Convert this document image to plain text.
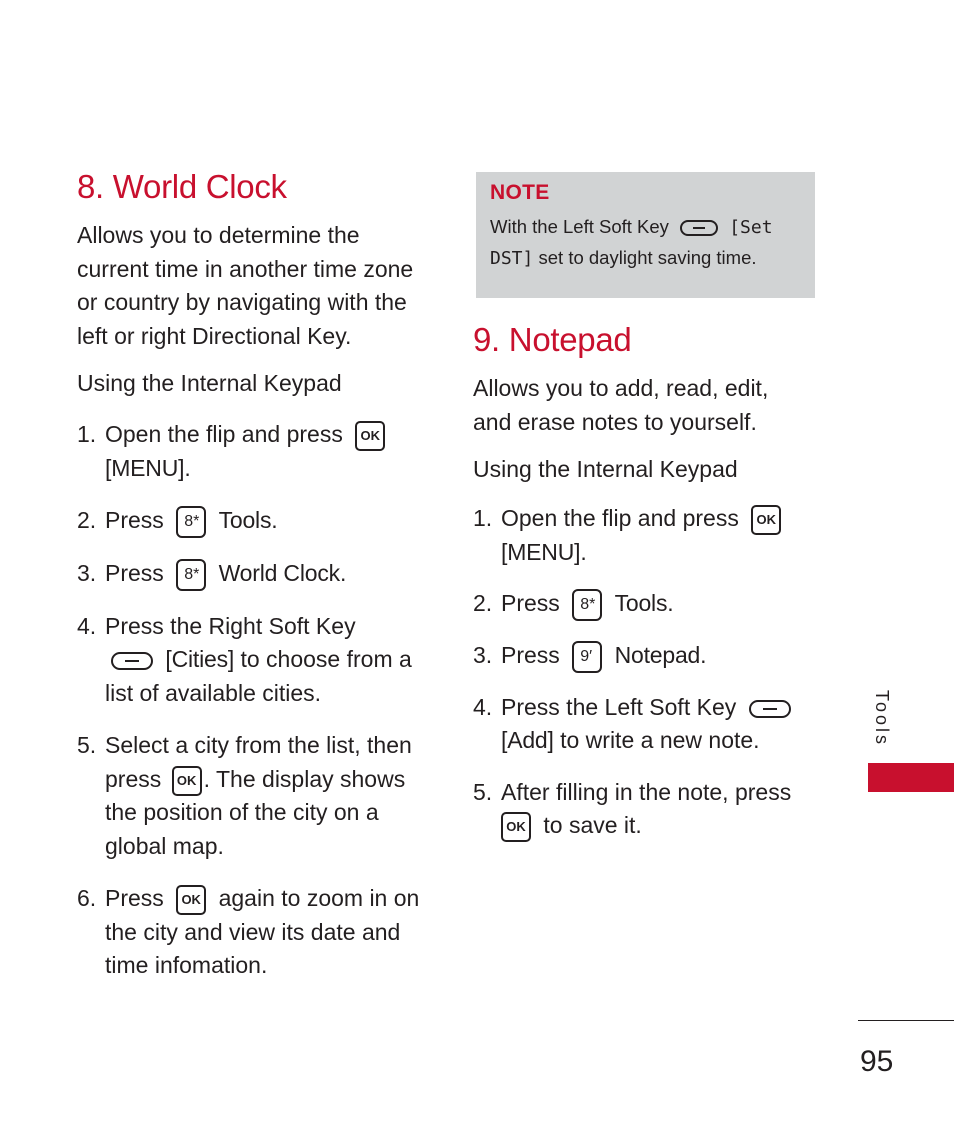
8. World Clock

Allows you to determine the current time in another time zone or country by navigating with the left or right Directional Key.

Using the Internal Keypad
1. Open the flip and press OK
[MENU].
2. Press 8* Tools.
3. Press 8* World Clock.
4. Press the Right Soft Key
[Cities] to choose from a list of available cities.
5. Select a city from the list, then press OK . The display shows the position of the city on a global map.
6. Press OK again to zoom in on the city and view its date and time infomation.

NOTE

With the Left Soft Key	[Set DST] set to daylight saving time.

9. Notepad

Allows you to add, read, edit, and erase notes to yourself.

Using the Internal Keypad
1. Open the flip and press OK
[MENU].
2. Press 8* Tools.
3. Press 9′ Notepad.
4. Press the Left Soft Key
[Add] to write a new note.
5. After filling in the note, press
OK to save it.
Tools
95
